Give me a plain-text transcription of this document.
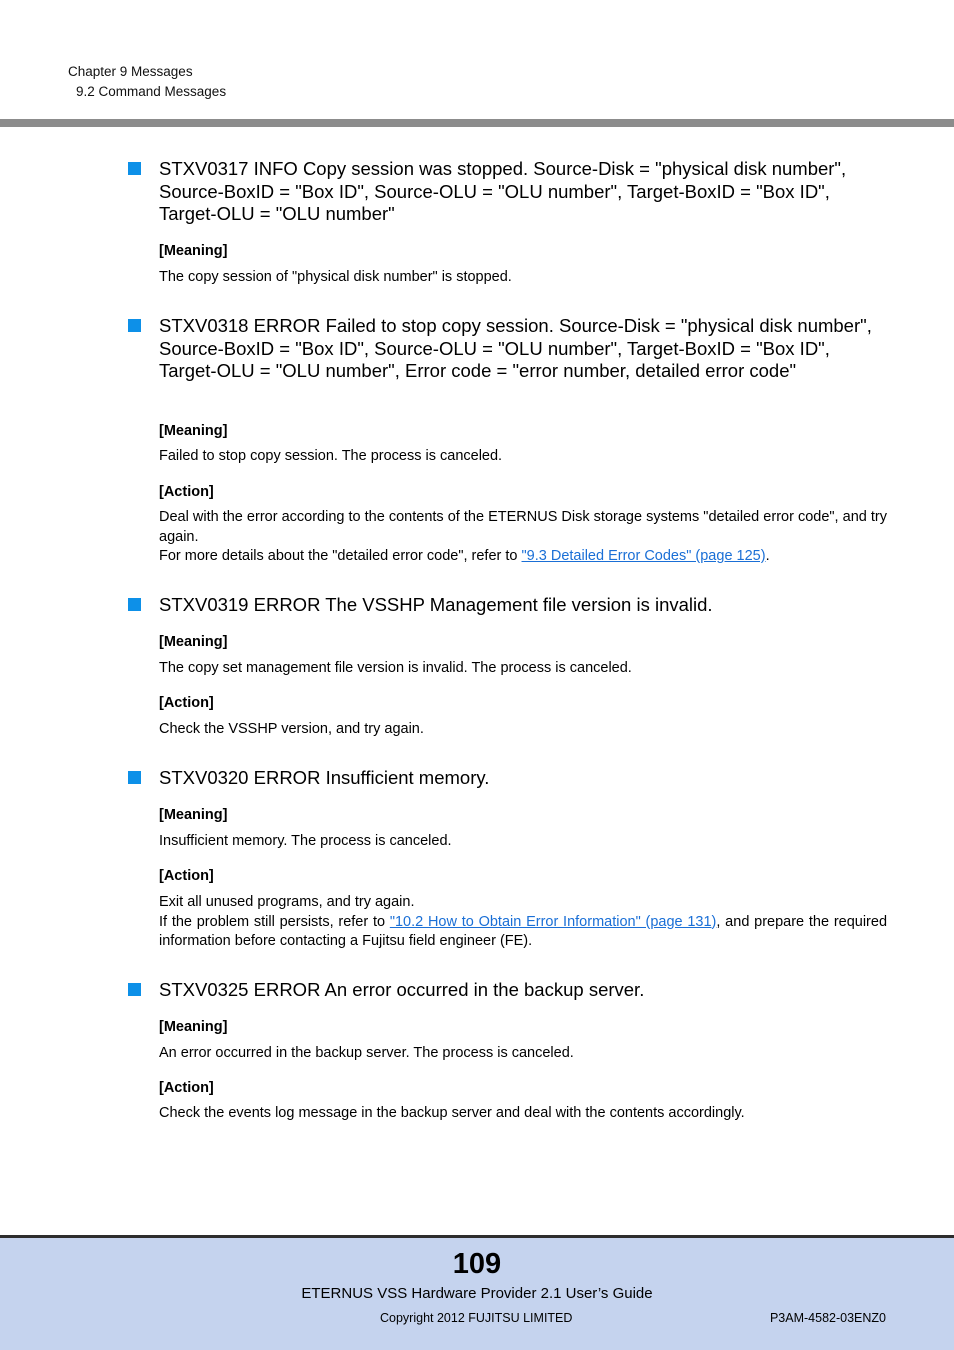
Chapter 9 Messages
9.2 Command Messages
STXV0317 INFO Copy session was stopped. Source-Disk = "physical disk number", Source-BoxID = "Box ID", Source-OLU = "OLU number", Target-BoxID = "Box ID", Target-OLU = "OLU number"
[Meaning]
The copy session of "physical disk number" is stopped.
STXV0318 ERROR Failed to stop copy session. Source-Disk = "physical disk number", Source-BoxID = "Box ID", Source-OLU = "OLU number", Target-BoxID = "Box ID", Target-OLU = "OLU number", Error code = "error number, detailed error code"
[Meaning]
Failed to stop copy session. The process is canceled.
[Action]

Deal with the error according to the contents of the ETERNUS Disk storage systems "detailed error code", and try again.

For more details about the "detailed error code", refer to "9.3 Detailed Error Codes" (page 125).

STXV0319 ERROR The VSSHP Management file version is invalid.
[Meaning]
The copy set management file version is invalid. The process is canceled.
[Action]
Check the VSSHP version, and try again.
STXV0320 ERROR Insufficient memory.
[Meaning]
Insufficient memory. The process is canceled.
[Action]

Exit all unused programs, and try again.

If the problem still persists, refer to "10.2 How to Obtain Error Information" (page 131), and prepare the required information before contacting a Fujitsu field engineer (FE).

STXV0325 ERROR An error occurred in the backup server.
[Meaning]
An error occurred in the backup server. The process is canceled.
[Action]
Check the events log message in the backup server and deal with the contents accordingly.
109
ETERNUS VSS Hardware Provider 2.1 User’s Guide
Copyright 2012 FUJITSU LIMITED	P3AM-4582-03ENZ0
